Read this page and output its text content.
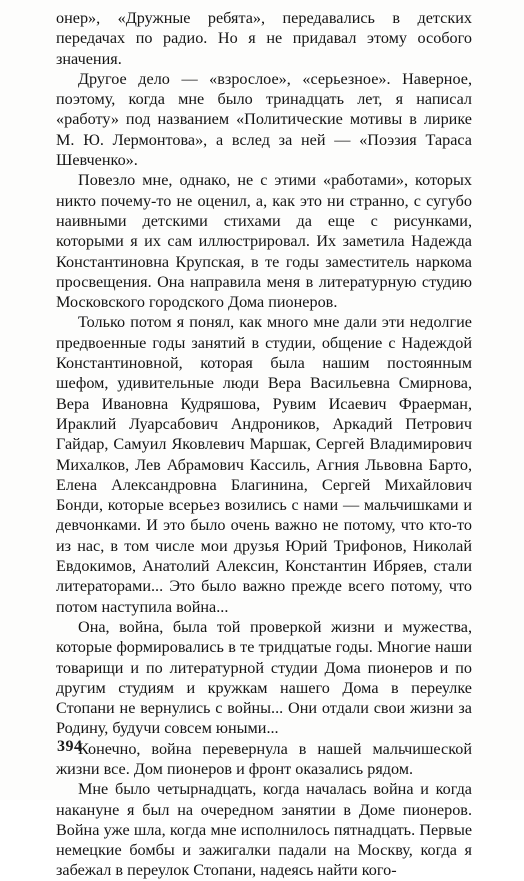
онер», «Дружные ребята», передавались в детских передачах по радио. Но я не придавал этому особого значения.

Другое дело — «взрослое», «серьезное». Наверное, поэтому, когда мне было тринадцать лет, я написал «работу» под названием «Политические мотивы в лирике М. Ю. Лермонтова», а вслед за ней — «Поэзия Тараса Шевченко».

Повезло мне, однако, не с этими «работами», которых никто почему-то не оценил, а, как это ни странно, с сугубо наивными детскими стихами да еще с рисунками, которыми я их сам иллюстрировал. Их заметила Надежда Константиновна Крупская, в те годы заместитель наркома просвещения. Она направила меня в литературную студию Московского городского Дома пионеров.

Только потом я понял, как много мне дали эти недолгие предвоенные годы занятий в студии, общение с Надеждой Константиновной, которая была нашим постоянным шефом, удивительные люди Вера Васильевна Смирнова, Вера Ивановна Кудряшова, Рувим Исаевич Фраерман, Ираклий Луарсабович Андроников, Аркадий Петрович Гайдар, Самуил Яковлевич Маршак, Сергей Владимирович Михалков, Лев Абрамович Кассиль, Агния Львовна Барто, Елена Александровна Благинина, Сергей Михайлович Бонди, которые всерьез возились с нами — мальчишками и девчонками. И это было очень важно не потому, что кто-то из нас, в том числе мои друзья Юрий Трифонов, Николай Евдокимов, Анатолий Алексин, Константин Ибряев, стали литераторами... Это было важно прежде всего потому, что потом наступила война...

Она, война, была той проверкой жизни и мужества, которые формировались в те тридцатые годы. Многие наши товарищи и по литературной студии Дома пионеров и по другим студиям и кружкам нашего Дома в переулке Стопани не вернулись с войны... Они отдали свои жизни за Родину, будучи совсем юными...

Конечно, война перевернула в нашей мальчишеской жизни все. Дом пионеров и фронт оказались рядом.

Мне было четырнадцать, когда началась война и когда накануне я был на очередном занятии в Доме пионеров. Война уже шла, когда мне исполнилось пятнадцать. Первые немецкие бомбы и зажигалки падали на Москву, когда я забежал в переулок Стопани, надеясь найти кого-

394
